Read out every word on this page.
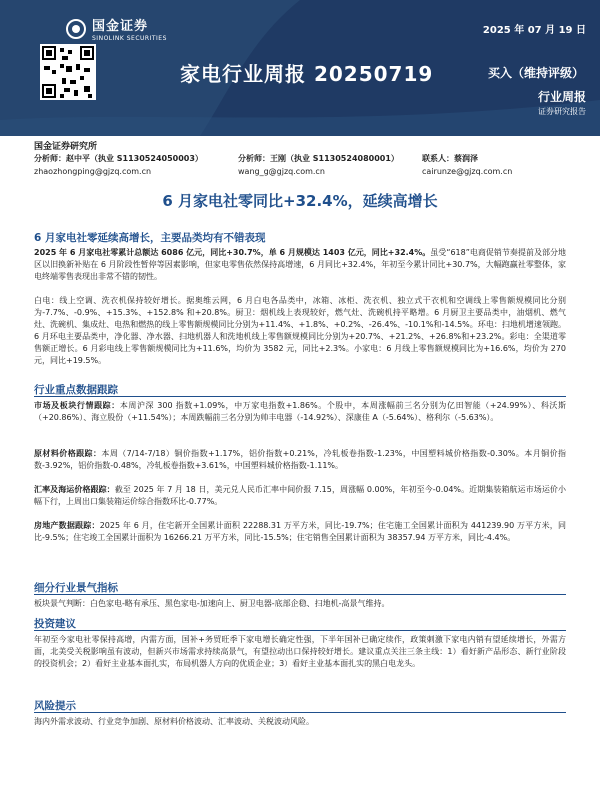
国金证券
SINOLINK SECURITIES
2025 年 07 月 19 日
家电行业周报 20250719	买入（维持评级）
行业周报
证券研究报告
国金证券研究所
分析师：赵中平（执业 S1130524050003）	分析师：王刚（执业 S1130524080001）	联系人：蔡润泽
zhaozhongping@gjzq.com.cn	wang_g@gjzq.com.cn	cairunze@gjzq.com.cn
6 月家电社零同比+32.4%，延续高增长
6 月家电社零延续高增长，主要品类均有不错表现
2025 年 6 月家电社零累计总额达 6086 亿元，同比+30.7%，单 6 月规模达 1403 亿元，同比+32.4%。虽受“618”电商促销节奏提前及部分地区以旧换新补贴在 6 月阶段性暂停等因素影响，但家电零售依然保持高增速，6 月同比+32.4%，年初至今累计同比+30.7%，大幅跑赢社零整体，家电终端零售表现出非常不错的韧性。
白电：线上空调、洗衣机保持较好增长。据奥维云网，6 月白电各品类中，冰箱、冰柜、洗衣机、独立式干衣机和空调线上零售额规模同比分别为-7.7%、-0.9%、+15.3%、+152.8% 和+20.8%。厨卫：烟机线上表现较好，燃气灶、洗碗机持平略增。6 月厨卫主要品类中，油烟机、燃气灶、洗碗机、集成灶、电热和燃热的线上零售额规模同比分别为+11.4%、+1.8%、+0.2%、-26.4%、-10.1%和-14.5%。环电：扫地机增速领跑。6 月环电主要品类中，净化器、净水器、扫地机器人和洗地机线上零售额规模同比分别为+20.7%、+21.2%、+26.8%和+23.2%。彩电：全渠道零售额正增长。6 月彩电线上零售额规模同比为+11.6%，均价为 3582 元，同比+2.3%。小家电：6 月线上零售额规模同比为+16.6%，均价为 270 元，同比+19.5%。
行业重点数据跟踪
市场及板块行情跟踪：本周沪深 300 指数+1.09%，中万家电指数+1.86%。个股中，本周涨幅前三名分别为亿田智能（+24.99%）、科沃斯（+20.86%）、海立股份（+11.54%）；本周跌幅前三名分别为帅丰电器（-14.92%）、深康佳 A（-5.64%）、格利尔（-5.63%）。
原材料价格跟踪：本周（7/14-7/18）铜价指数+1.17%，铝价指数+0.21%，冷轧板卷指数-1.23%，中国塑料城价格指数-0.30%。本月铜价指数-3.92%，铝价指数-0.48%，冷轧板卷指数+3.61%，中国塑料城价格指数-1.11%。
汇率及海运价格跟踪：截至 2025 年 7 月 18 日，美元兑人民币汇率中间价报 7.15，周涨幅 0.00%，年初至今-0.04%。近期集装箱航运市场运价小幅下行，上周出口集装箱运价综合指数环比-0.77%。
房地产数据跟踪：2025 年 6 月，住宅新开全国累计面积 22288.31 万平方米，同比-19.7%；住宅施工全国累计面积为 441239.90 万平方米，同比-9.5%；住宅竣工全国累计面积为 16266.21 万平方米，同比-15.5%；住宅销售全国累计面积为 38357.94 万平方米，同比-4.4%。
细分行业景气指标
板块景气判断：白色家电-略有承压、黑色家电-加速向上、厨卫电器-底部企稳、扫地机-高景气维持。
投资建议
年初至今家电社零保持高增，内需方面，国补+务贸旺季下家电增长确定性强，下半年国补已确定续作，政策刺激下家电内销有望延续增长，外需方面，北美受关税影响虽有波动，但新兴市场需求持续高景气，有望拉动出口保持较好增长。建议重点关注三条主线：1）看好新产品形态、新行业阶段的投资机会；2）看好主业基本面扎实，布局机器人方向的优质企业；3）看好主业基本面扎实的黑白电龙头。
风险提示
海内外需求波动、行业竞争加剧、原材料价格波动、汇率波动、关税波动风险。
